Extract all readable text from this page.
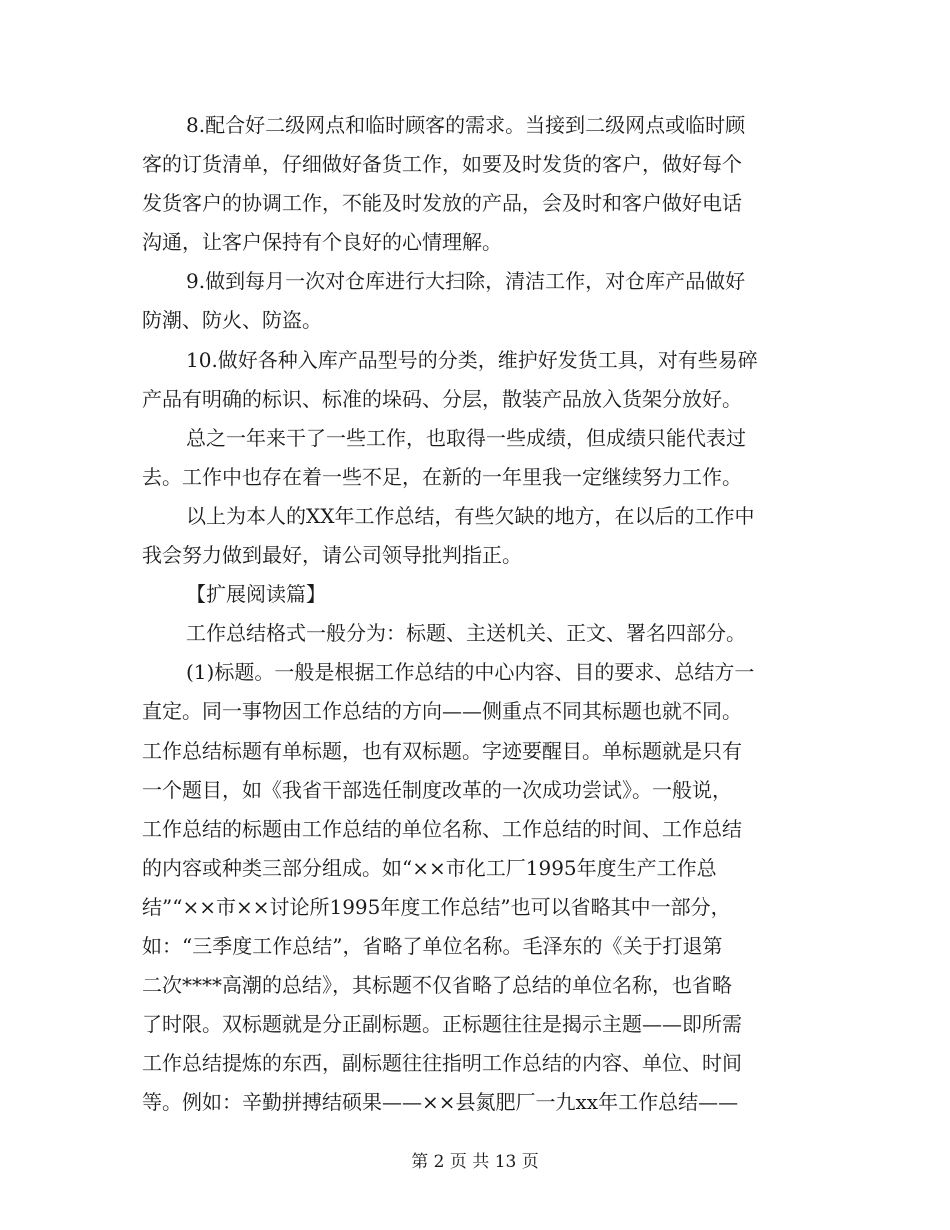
8.配合好二级网点和临时顾客的需求。当接到二级网点或临时顾
客的订货清单，仔细做好备货工作，如要及时发货的客户，做好每个
发货客户的协调工作，不能及时发放的产品，会及时和客户做好电话
沟通，让客户保持有个良好的心情理解。
9.做到每月一次对仓库进行大扫除，清洁工作，对仓库产品做好
防潮、防火、防盗。
10.做好各种入库产品型号的分类，维护好发货工具，对有些易碎
产品有明确的标识、标准的垛码、分层，散装产品放入货架分放好。
总之一年来干了一些工作，也取得一些成绩，但成绩只能代表过
去。工作中也存在着一些不足，在新的一年里我一定继续努力工作。
以上为本人的XX年工作总结，有些欠缺的地方，在以后的工作中
我会努力做到最好，请公司领导批判指正。
【扩展阅读篇】
工作总结格式一般分为：标题、主送机关、正文、署名四部分。
(1)标题。一般是根据工作总结的中心内容、目的要求、总结方一
直定。同一事物因工作总结的方向——侧重点不同其标题也就不同。
工作总结标题有单标题，也有双标题。字迹要醒目。单标题就是只有
一个题目，如《我省干部选任制度改革的一次成功尝试》。一般说，
工作总结的标题由工作总结的单位名称、工作总结的时间、工作总结
的内容或种类三部分组成。如“××市化工厂1995年度生产工作总
结”“××市××讨论所1995年度工作总结”也可以省略其中一部分，
如：“三季度工作总结”，省略了单位名称。毛泽东的《关于打退第
二次****高潮的总结》，其标题不仅省略了总结的单位名称，也省略
了时限。双标题就是分正副标题。正标题往往是揭示主题——即所需
工作总结提炼的东西，副标题往往指明工作总结的内容、单位、时间
等。例如：辛勤拼搏结硕果——××县氮肥厂一九xx年工作总结——
第 2 页 共 13 页
